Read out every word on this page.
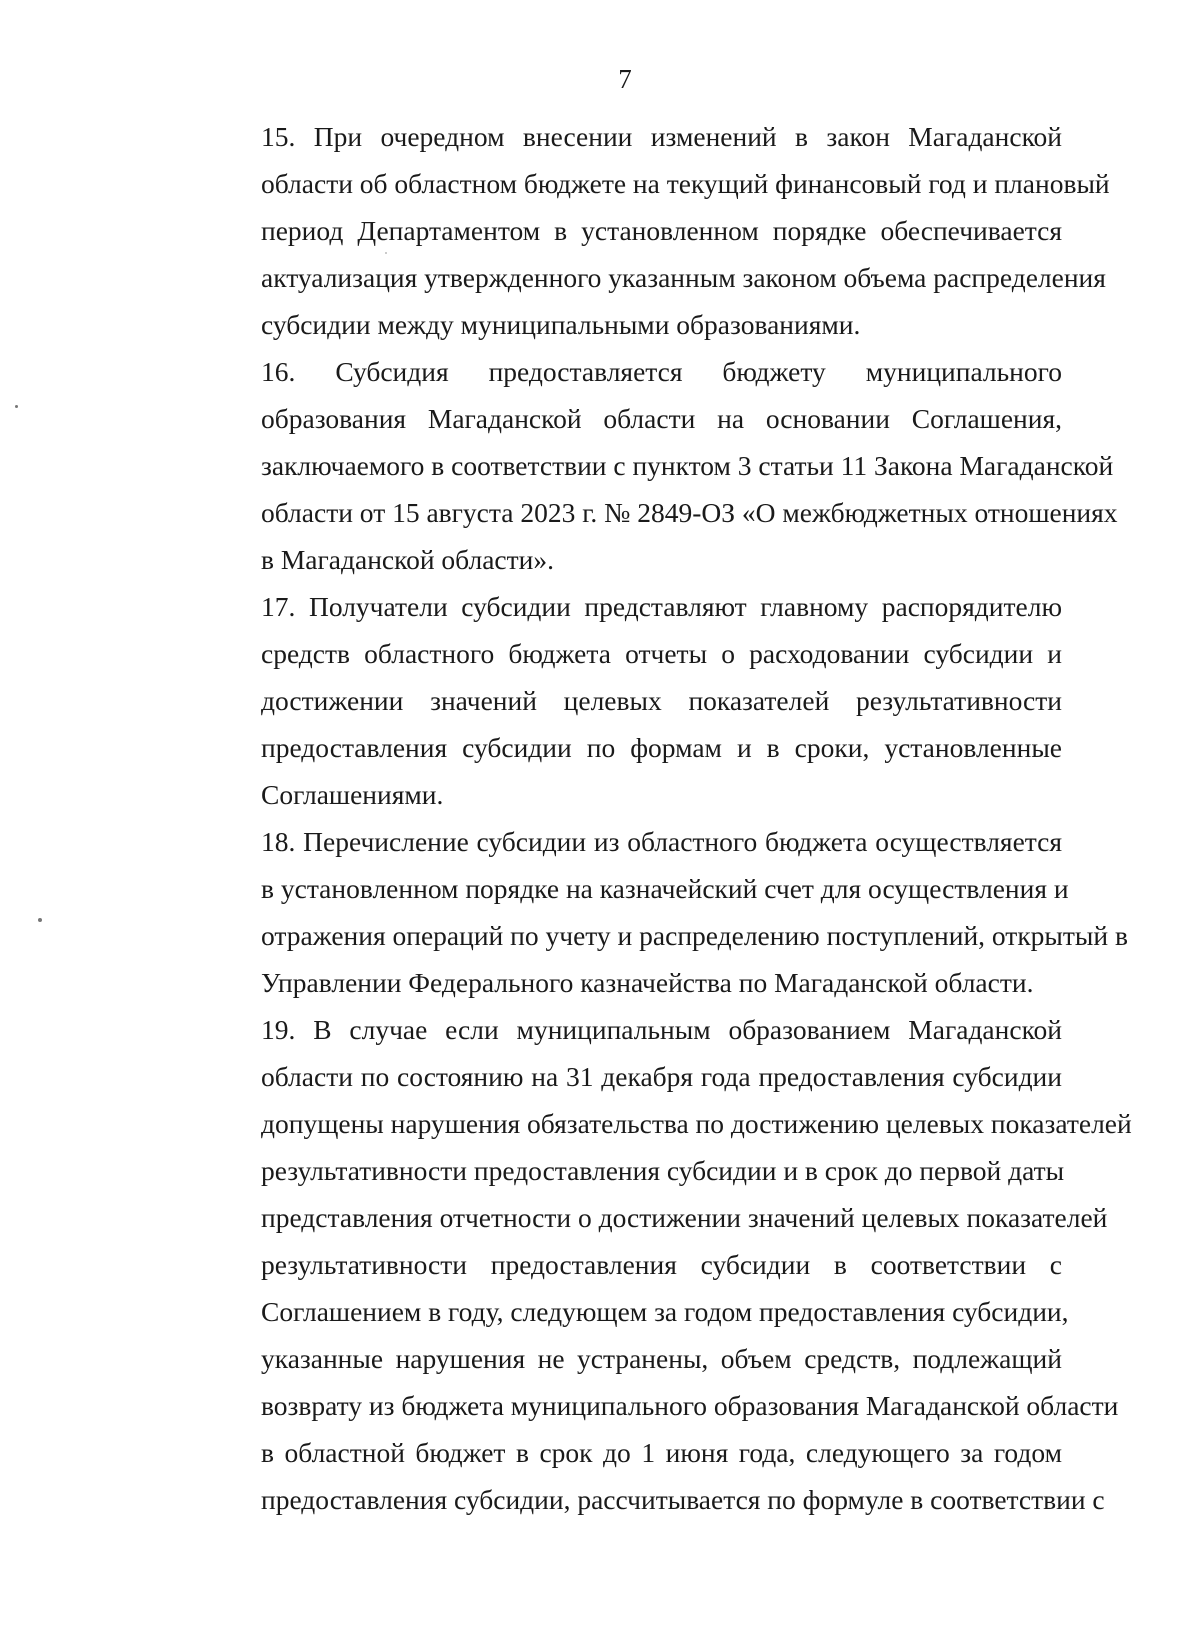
7
15. При очередном внесении изменений в закон Магаданской
области об областном бюджете на текущий финансовый год и плановый
период Департаментом в установленном порядке обеспечивается
актуализация утвержденного указанным законом объема распределения
субсидии между муниципальными образованиями.
16. Субсидия предоставляется бюджету муниципального
образования Магаданской области на основании Соглашения,
заключаемого в соответствии с пунктом 3 статьи 11 Закона Магаданской
области от 15 августа 2023 г. № 2849-ОЗ «О межбюджетных отношениях
в Магаданской области».
17. Получатели субсидии представляют главному распорядителю
средств областного бюджета отчеты о расходовании субсидии и
достижении значений целевых показателей результативности
предоставления субсидии по формам и в сроки, установленные
Соглашениями.
18. Перечисление субсидии из областного бюджета осуществляется
в установленном порядке на казначейский счет для осуществления и
отражения операций по учету и распределению поступлений, открытый в
Управлении Федерального казначейства по Магаданской области.
19. В случае если муниципальным образованием Магаданской
области по состоянию на 31 декабря года предоставления субсидии
допущены нарушения обязательства по достижению целевых показателей
результативности предоставления субсидии и в срок до первой даты
представления отчетности о достижении значений целевых показателей
результативности предоставления субсидии в соответствии с
Соглашением в году, следующем за годом предоставления субсидии,
указанные нарушения не устранены, объем средств, подлежащий
возврату из бюджета муниципального образования Магаданской области
в областной бюджет в срок до 1 июня года, следующего за годом
предоставления субсидии, рассчитывается по формуле в соответствии с
